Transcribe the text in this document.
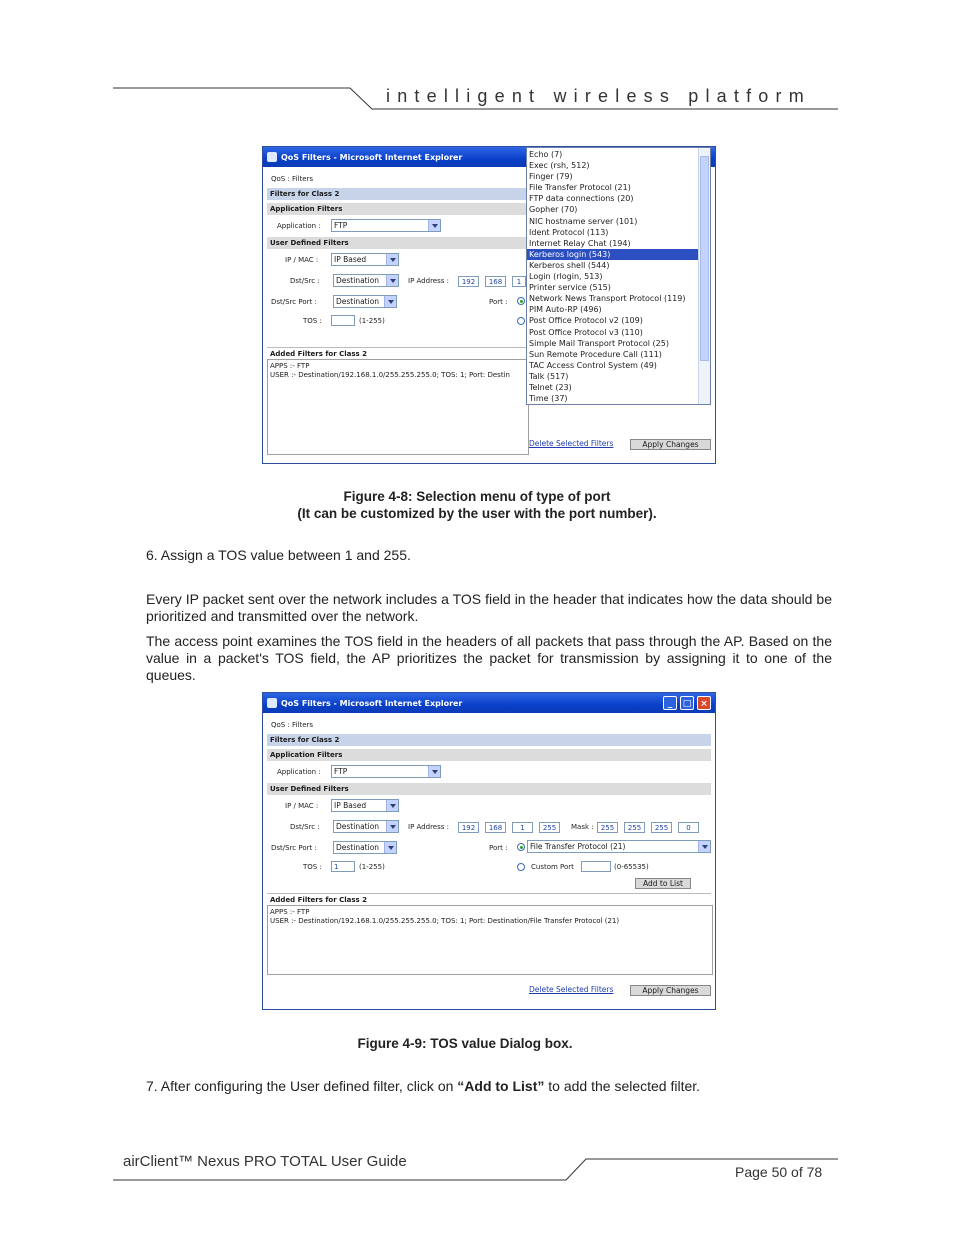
intelligent wireless platform
QoS Filters - Microsoft Internet Explorer
QoS : Filters
Filters for Class 2
Application Filters
Application :	FTP
User Defined Filters
IP / MAC :	IP Based
Dst/Src :	Destination	IP Address :	192	168	1
Dst/Src Port :	Destination	Port :
TOS :	(1-255)
Added Filters for Class 2
APPS :- FTP
USER :- Destination/192.168.1.0/255.255.255.0; TOS: 1; Port: Destin
Delete Selected Filters	Apply Changes
Echo (7)
Exec (rsh, 512)
Finger (79)
File Transfer Protocol (21)
FTP data connections (20)
Gopher (70)
NIC hostname server (101)
Ident Protocol (113)
Internet Relay Chat (194)
Kerberos login (543)
Kerberos shell (544)
Login (rlogin, 513)
Printer service (515)
Network News Transport Protocol (119)
PIM Auto-RP (496)
Post Office Protocol v2 (109)
Post Office Protocol v3 (110)
Simple Mail Transport Protocol (25)
Sun Remote Procedure Call (111)
TAC Access Control System (49)
Talk (517)
Telnet (23)
Time (37)
Figure 4-8: Selection menu of type of port
(It can be customized by the user with the port number).
6. Assign a TOS value between 1 and 255.
Every IP packet sent over the network includes a TOS field in the header that indicates how the data should be prioritized and transmitted over the network.
The access point examines the TOS field in the headers of all packets that pass through the AP. Based on the value in a packet's TOS field, the AP prioritizes the packet for transmission by assigning it to one of the queues.
QoS Filters - Microsoft Internet Explorer	_	□ ×
QoS : Filters
Filters for Class 2
Application Filters
Application :	FTP
User Defined Filters
IP / MAC :	IP Based
Dst/Src :	Destination	IP Address :	192	168	1	255	Mask :	255	255	255	0
Dst/Src Port :	Destination	Port :	File Transfer Protocol (21)
TOS :	1	(1-255)	Custom Port	(0-65535)
Add to List
Added Filters for Class 2
APPS :- FTP
USER :- Destination/192.168.1.0/255.255.255.0; TOS: 1; Port: Destination/File Transfer Protocol (21)
Delete Selected Filters	Apply Changes
Figure 4-9: TOS value Dialog box.
7. After configuring the User defined filter, click on “Add to List” to add the selected filter.
airClient™ Nexus PRO TOTAL User Guide
Page 50 of 78
